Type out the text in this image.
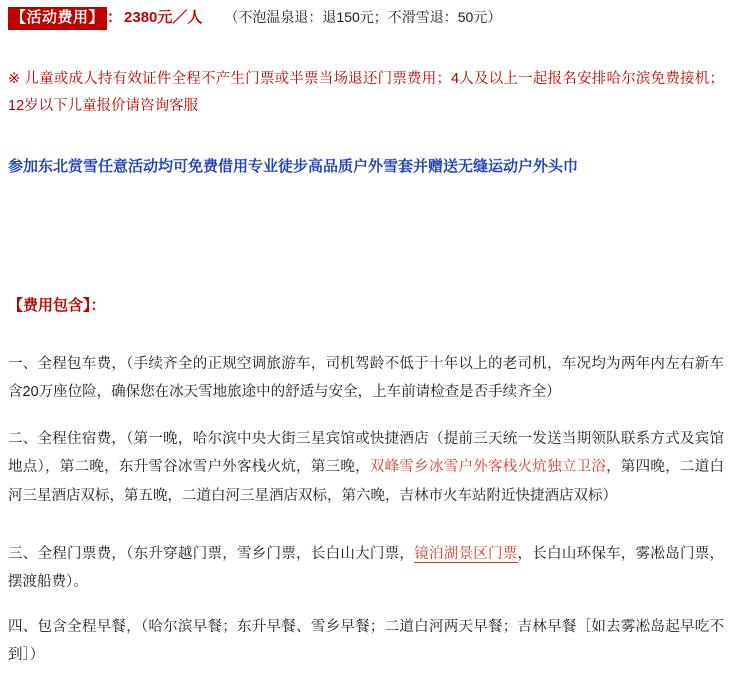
【活动费用】 ： 2380元／人 （不泡温泉退：退150元；不滑雪退：50元）
※ 儿童或成人持有效证件全程不产生门票或半票当场退还门票费用；4人及以上一起报名安排哈尔滨免费接机；12岁以下儿童报价请咨询客服
参加东北赏雪任意活动均可免费借用专业徒步高品质户外雪套并赠送无缝运动户外头巾
【费用包含】：
一、全程包车费，（手续齐全的正规空调旅游车，司机驾龄不低于十年以上的老司机，车况均为两年内左右新车含20万座位险，确保您在冰天雪地旅途中的舒适与安全，上车前请检查是否手续齐全）
二、全程住宿费，（第一晚，哈尔滨中央大街三星宾馆或快捷酒店（提前三天统一发送当期领队联系方式及宾馆地点），第二晚，东升雪谷冰雪户外客栈火炕，第三晚，双峰雪乡冰雪户外客栈火炕独立卫浴，第四晚，二道白河三星酒店双标，第五晚，二道白河三星酒店双标，第六晚，吉林市火车站附近快捷酒店双标）
三、全程门票费，（东升穿越门票，雪乡门票，长白山大门票，镜泊湖景区门票，长白山环保车，雾凇岛门票，摆渡船费）。
四、包含全程早餐，（哈尔滨早餐；东升早餐、雪乡早餐；二道白河两天早餐；吉林早餐［如去雾凇岛起早吃不到］）
